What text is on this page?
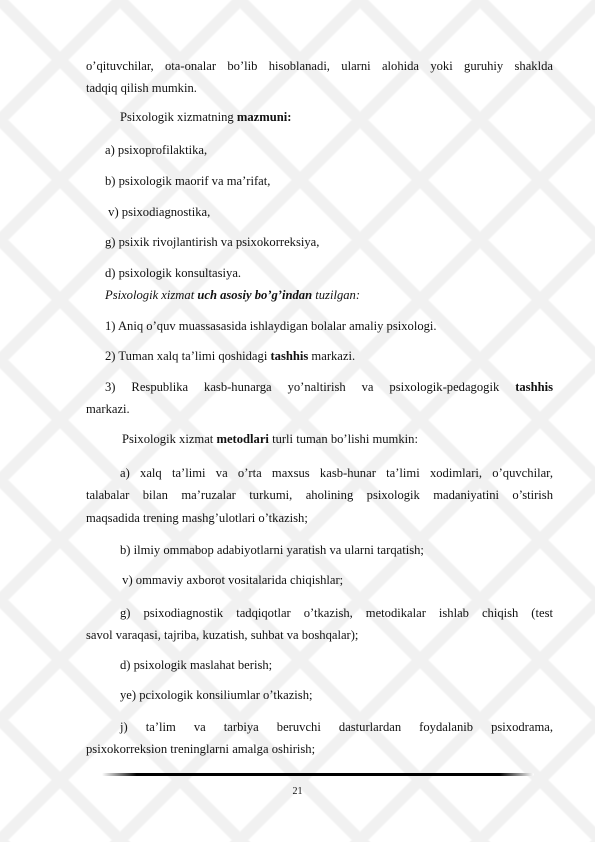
o’qituvchilar, ota-onalar bo’lib hisoblanadi, ularni alohida yoki guruhiy shaklda

tadqiq qilish mumkin.

Psixologik xizmatning mazmuni:

a) psixoprofilaktika,

b) psixologik maorif va ma’rifat,

v) psixodiagnostika,

g) psixik rivojlantirish va psixokorreksiya,

d) psixologik konsultasiya.

Psixologik xizmat uch asosiy bo’g’indan tuzilgan:

1) Aniq o’quv muassasasida ishlaydigan bolalar amaliy psixologi.

2) Tuman xalq ta’limi qoshidagi tashhis markazi.

3) Respublika kasb-hunarga yo’naltirish va psixologik-pedagogik tashhis

markazi.

Psixologik xizmat metodlari turli tuman bo’lishi mumkin:

a) xalq ta’limi va o’rta maxsus kasb-hunar ta’limi xodimlari, o’quvchilar,

talabalar bilan ma’ruzalar turkumi, aholining psixologik madaniyatini o’stirish

maqsadida trening mashg’ulotlari o’tkazish;

b) ilmiy ommabop adabiyotlarni yaratish va ularni tarqatish;

v) ommaviy axborot vositalarida chiqishlar;

g) psixodiagnostik tadqiqotlar o’tkazish, metodikalar ishlab chiqish (test

savol varaqasi, tajriba, kuzatish, suhbat va boshqalar);

d) psixologik maslahat berish;

ye) pcixologik konsiliumlar o’tkazish;

j) ta’lim va tarbiya beruvchi dasturlardan foydalanib psixodrama,

psixokorreksion treninglarni amalga oshirish;

21
